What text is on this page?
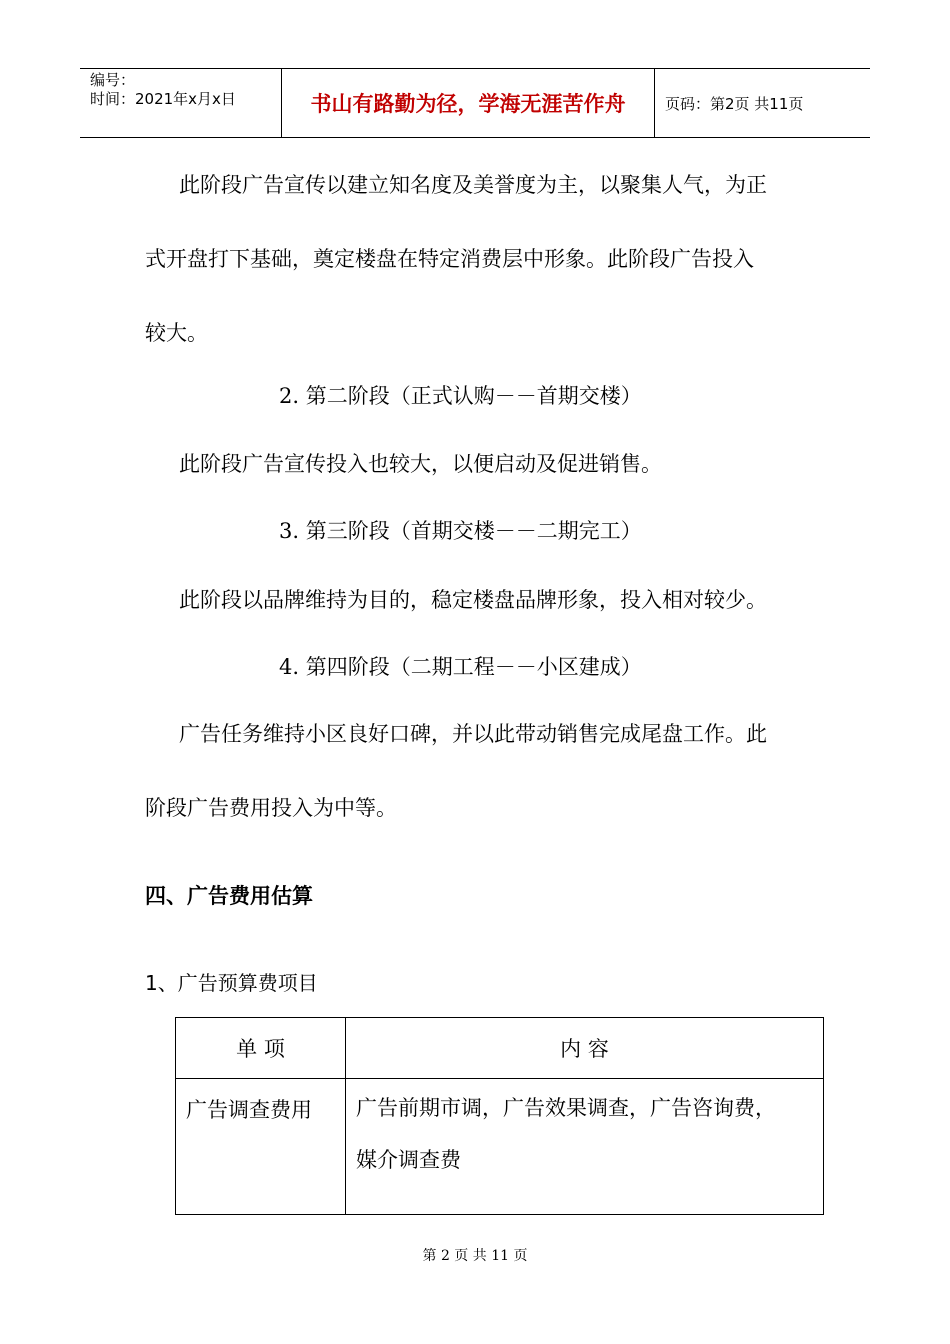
编号：
时间：2021年x月x日	书山有路勤为径，学海无涯苦作舟	页码：第2页 共11页
此阶段广告宣传以建立知名度及美誉度为主，以聚集人气，为正
式开盘打下基础，奠定楼盘在特定消费层中形象。此阶段广告投入
较大。
2. 第二阶段（正式认购－－首期交楼）
此阶段广告宣传投入也较大，以便启动及促进销售。
3. 第三阶段（首期交楼－－二期完工）
此阶段以品牌维持为目的，稳定楼盘品牌形象，投入相对较少。
4. 第四阶段（二期工程－－小区建成）
广告任务维持小区良好口碑，并以此带动销售完成尾盘工作。此
阶段广告费用投入为中等。
四、广告费用估算
1、广告预算费项目
单 项	内 容

广告调查费用	广告前期市调，广告效果调查，广告咨询费，
媒介调查费
第 2 页 共 11 页
